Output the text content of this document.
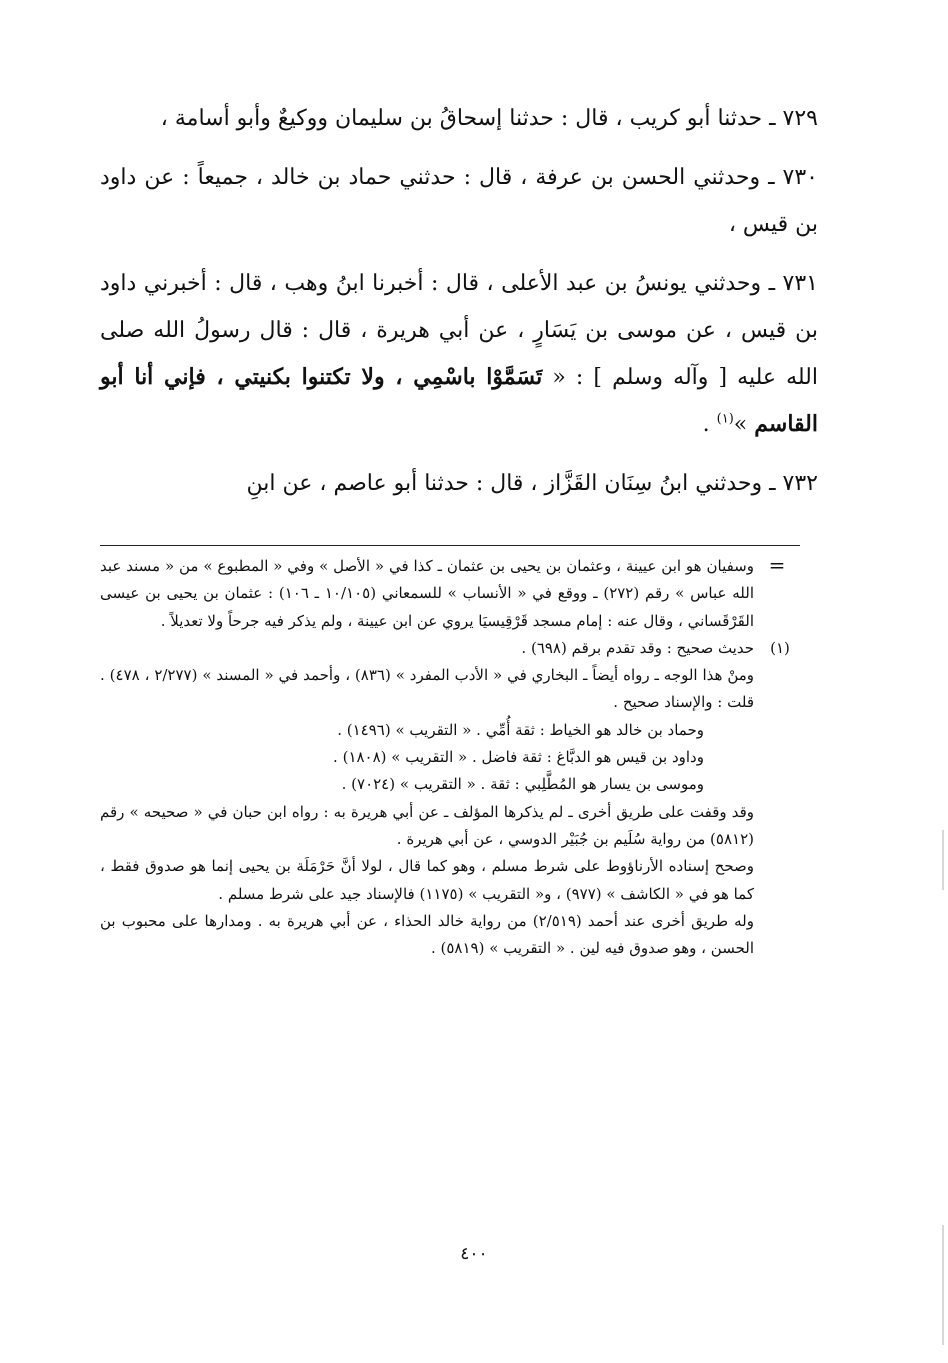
٧٢٩ ـ حدثنا أبو كريب ، قال : حدثنا إسحاقُ بن سليمان ووكيعٌ وأبو أسامة ،

٧٣٠ ـ وحدثني الحسن بن عرفة ، قال : حدثني حماد بن خالد ، جميعاً : عن داود بن قيس ،

٧٣١ ـ وحدثني يونسُ بن عبد الأعلى ، قال : أخبرنا ابنُ وهب ، قال : أخبرني داود بن قيس ، عن موسى بن يَسَارٍ ، عن أبي هريرة ، قال : قال رسولُ الله صلى الله عليه [ وآله وسلم ] : « تَسَمَّوْا باسْمِي ، ولا تكتنوا بكنيتي ، فإني أنا أبو القاسم »$^{(١)}$ .

٧٣٢ ـ وحدثني ابنُ سِنَان القَزَّاز ، قال : حدثنا أبو عاصم ، عن ابنِ

=

وسفيان هو ابن عيينة ، وعثمان بن يحيى بن عثمان ـ كذا في « الأصل » وفي « المطبوع » من « مسند عبد الله عباس » رقم (٢٧٢) ـ ووقع في « الأنساب » للسمعاني (١٠/١٠٥ ـ ١٠٦) : عثمان بن يحيى بن عيسى القَرْقَساني ، وقال عنه : إمام مسجد قَرْقِيسيَا يروي عن ابن عيينة ، ولم يذكر فيه جرحاً ولا تعديلاً .

(١)

حديث صحيح : وقد تقدم برقم (٦٩٨) .

ومنْ هذا الوجه ـ رواه أيضاً ـ البخاري في « الأدب المفرد » (٨٣٦) ، وأحمد في « المسند » (٢/٢٧٧ ، ٤٧٨) . قلت : والإسناد صحيح .

وحماد بن خالد هو الخياط : ثقة أُمِّي . « التقريب » (١٤٩٦) .

وداود بن قيس هو الدبَّاغ : ثقة فاضل . « التقريب » (١٨٠٨) .

وموسى بن يسار هو المُطَّلِبي : ثقة . « التقريب » (٧٠٢٤) .

وقد وقفت على طريق أخرى ـ لم يذكرها المؤلف ـ عن أبي هريرة به : رواه ابن حبان في « صحيحه » رقم (٥٨١٢) من رواية سُلَيم بن جُبَيْر الدوسي ، عن أبي هريرة .

وصحح إسناده الأرناؤوط على شرط مسلم ، وهو كما قال ، لولا أنَّ حَرْمَلَة بن يحيى إنما هو صدوق فقط ، كما هو في « الكاشف » (٩٧٧) ، و« التقريب » (١١٧٥) فالإسناد جيد على شرط مسلم .

وله طريق أخرى عند أحمد (٢/٥١٩) من رواية خالد الحذاء ، عن أبي هريرة به . ومدارها على محبوب بن الحسن ، وهو صدوق فيه لين . « التقريب » (٥٨١٩) .

٤٠٠
